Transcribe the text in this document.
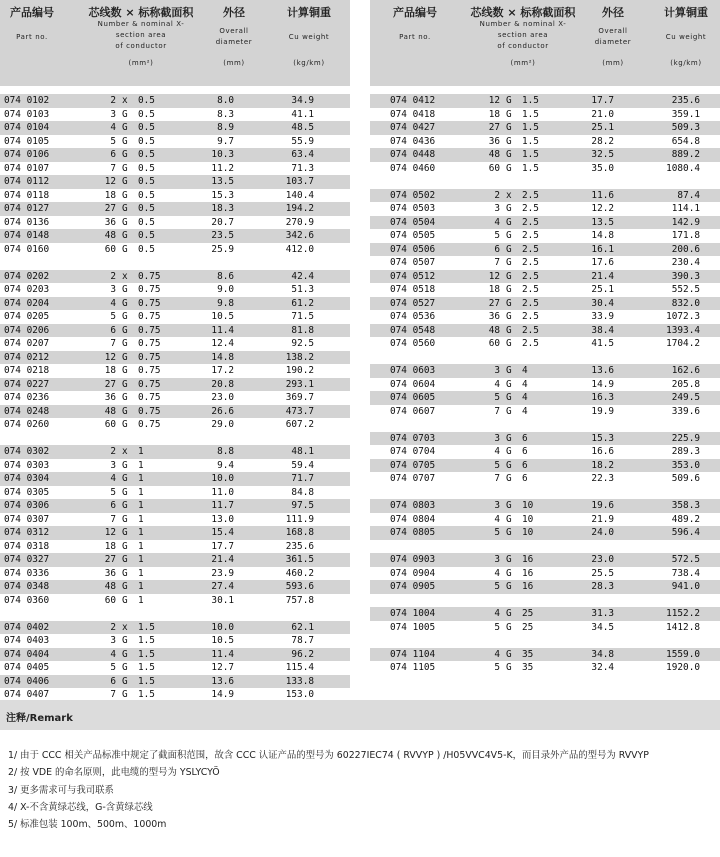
产品编号
Part no.
芯线数 × 标称截面积
Number & nominal X-
section area
of conductor
(mm²)
外径
Overall
diameter
(mm)
计算铜重
Cu weight
(kg/km)
074 0102	2 x 0.5	8.0	34.9
074 0103	3 G 0.5	8.3	41.1
074 0104	4 G 0.5	8.9	48.5
074 0105	5 G 0.5	9.7	55.9
074 0106	6 G 0.5	10.3	63.4
074 0107	7 G 0.5	11.2	71.3
074 0112	12 G 0.5	13.5	103.7
074 0118	18 G 0.5	15.3	140.4
074 0127	27 G 0.5	18.3	194.2
074 0136	36 G 0.5	20.7	270.9
074 0148	48 G 0.5	23.5	342.6
074 0160	60 G 0.5	25.9	412.0
074 0202	2 x 0.75	8.6	42.4
074 0203	3 G 0.75	9.0	51.3
074 0204	4 G 0.75	9.8	61.2
074 0205	5 G 0.75	10.5	71.5
074 0206	6 G 0.75	11.4	81.8
074 0207	7 G 0.75	12.4	92.5
074 0212	12 G 0.75	14.8	138.2
074 0218	18 G 0.75	17.2	190.2
074 0227	27 G 0.75	20.8	293.1
074 0236	36 G 0.75	23.0	369.7
074 0248	48 G 0.75	26.6	473.7
074 0260	60 G 0.75	29.0	607.2
074 0302	2 x 1	8.8	48.1
074 0303	3 G 1	9.4	59.4
074 0304	4 G 1	10.0	71.7
074 0305	5 G 1	11.0	84.8
074 0306	6 G 1	11.7	97.5
074 0307	7 G 1	13.0	111.9
074 0312	12 G 1	15.4	168.8
074 0318	18 G 1	17.7	235.6
074 0327	27 G 1	21.4	361.5
074 0336	36 G 1	23.9	460.2
074 0348	48 G 1	27.4	593.6
074 0360	60 G 1	30.1	757.8
074 0402	2 x 1.5	10.0	62.1
074 0403	3 G 1.5	10.5	78.7
074 0404	4 G 1.5	11.4	96.2
074 0405	5 G 1.5	12.7	115.4
074 0406	6 G 1.5	13.6	133.8
074 0407	7 G 1.5	14.9	153.0
产品编号
Part no.
芯线数 × 标称截面积
Number & nominal X-
section area
of conductor
(mm²)
外径
Overall
diameter
(mm)
计算铜重
Cu weight
(kg/km)
074 0412	12 G 1.5	17.7	235.6
074 0418	18 G 1.5	21.0	359.1
074 0427	27 G 1.5	25.1	509.3
074 0436	36 G 1.5	28.2	654.8
074 0448	48 G 1.5	32.5	889.2
074 0460	60 G 1.5	35.0	1080.4
074 0502	2 x 2.5	11.6	87.4
074 0503	3 G 2.5	12.2	114.1
074 0504	4 G 2.5	13.5	142.9
074 0505	5 G 2.5	14.8	171.8
074 0506	6 G 2.5	16.1	200.6
074 0507	7 G 2.5	17.6	230.4
074 0512	12 G 2.5	21.4	390.3
074 0518	18 G 2.5	25.1	552.5
074 0527	27 G 2.5	30.4	832.0
074 0536	36 G 2.5	33.9	1072.3
074 0548	48 G 2.5	38.4	1393.4
074 0560	60 G 2.5	41.5	1704.2
074 0603	3 G 4	13.6	162.6
074 0604	4 G 4	14.9	205.8
074 0605	5 G 4	16.3	249.5
074 0607	7 G 4	19.9	339.6
074 0703	3 G 6	15.3	225.9
074 0704	4 G 6	16.6	289.3
074 0705	5 G 6	18.2	353.0
074 0707	7 G 6	22.3	509.6
074 0803	3 G 10	19.6	358.3
074 0804	4 G 10	21.9	489.2
074 0805	5 G 10	24.0	596.4
074 0903	3 G 16	23.0	572.5
074 0904	4 G 16	25.5	738.4
074 0905	5 G 16	28.3	941.0
074 1004	4 G 25	31.3	1152.2
074 1005	5 G 25	34.5	1412.8
074 1104	4 G 35	34.8	1559.0
074 1105	5 G 35	32.4	1920.0
注释/Remark
1/ 由于 CCC 相关产品标准中规定了截面积范围，故含 CCC 认证产品的型号为 60227IEC74 ( RVVYP ) /H05VVC4V5-K，而目录外产品的型号为 RVVYP
2/ 按 VDE 的命名原则，此电缆的型号为 YSLYCYÖ
3/ 更多需求可与我司联系
4/ X-不含黄绿芯线，G-含黄绿芯线
5/ 标准包装 100m、500m、1000m
